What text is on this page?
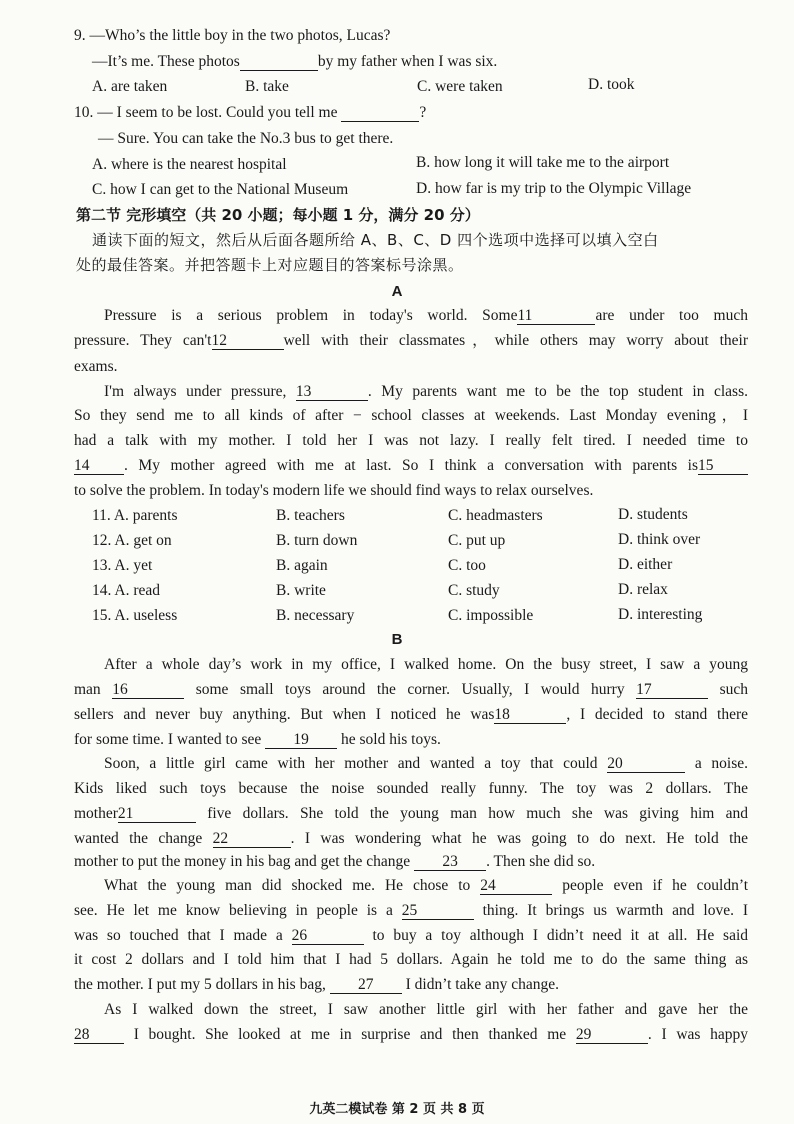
9. —Who’s the little boy in the two photos, Lucas?
—It’s me. These photos	by my father when I was six.
A. are taken	B. take	C. were taken	D. took
10. — I seem to be lost. Could you tell me	?
— Sure. You can take the No.3 bus to get there.
A. where is the nearest hospital	B. how long it will take me to the airport
C. how I can get to the National Museum	D. how far is my trip to the Olympic Village
第二节 完形填空（共 20 小题；每小题 1 分，满分 20 分）
通读下面的短文，然后从后面各题所给 A、B、C、D 四个选项中选择可以填入空白
处的最佳答案。并把答题卡上对应题目的答案标号涂黑。
A
Pressure is a serious problem in today's world. Some11	are under too much
pressure. They can't12	well with their classmates，while others may worry about their
exams.
I'm always under pressure, 13	. My parents want me to be the top student in class.
So they send me to all kinds of after − school classes at weekends. Last Monday evening，I
had a talk with my mother. I told her I was not lazy. I really felt tired. I needed time to
14 . My mother agreed with me at last. So I think a conversation with parents is15
to solve the problem. In today's modern life we should find ways to relax ourselves.
11. A. parents	B. teachers	C. headmasters	D. students
12. A. get on	B. turn down	C. put up	D. think over
13. A. yet	B. again	C. too	D. either
14. A. read	B. write	C. study	D. relax
15. A. useless	B. necessary	C. impossible	D. interesting
B
After a whole day’s work in my office, I walked home. On the busy street, I saw a young
man 16	some small toys around the corner. Usually, I would hurry 17	such
sellers and never buy anything. But when I noticed he was18	, I decided to stand there
for some time. I wanted to see 19 he sold his toys.
Soon, a little girl came with her mother and wanted a toy that could 20	a noise.
Kids liked such toys because the noise sounded really funny. The toy was 2 dollars. The
mother21	five dollars. She told the young man how much she was giving him and
wanted the change 22	. I was wondering what he was going to do next. He told the
mother to put the money in his bag and get the change 23 . Then she did so.
What the young man did shocked me. He chose to 24	people even if he couldn’t
see. He let me know believing in people is a 25	thing. It brings us warmth and love. I
was so touched that I made a 26	to buy a toy although I didn’t need it at all. He said
it cost 2 dollars and I told him that I had 5 dollars. Again he told me to do the same thing as
the mother. I put my 5 dollars in his bag, 27 I didn’t take any change.
As I walked down the street, I saw another little girl with her father and gave her the
28	I bought. She looked at me in surprise and then thanked me 29	. I was happy
九英二模试卷 第 2 页 共 8 页
